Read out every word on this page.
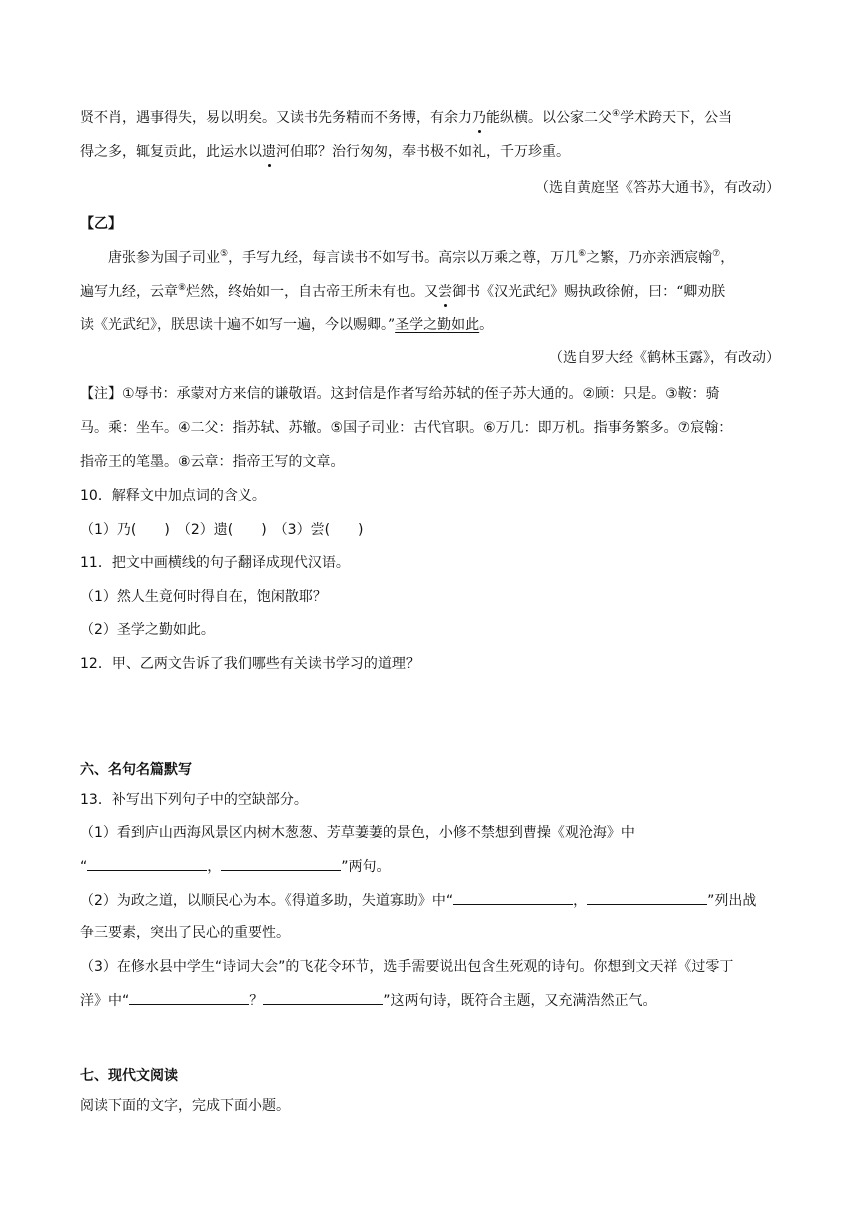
贤不肖，遇事得失，易以明矣。又读书先务精而不务博，有余力乃能纵横。以公家二父④学术跨天下，公当
得之多，辄复贡此，此运水以遗河伯耶？治行匆匆，奉书极不如礼，千万珍重。
（选自黄庭坚《答苏大通书》，有改动）
【乙】
唐张参为国子司业⑤，手写九经，每言读书不如写书。高宗以万乘之尊，万几⑥之繁，乃亦亲洒宸翰⑦，
遍写九经，云章⑧烂然，终始如一，自古帝王所未有也。又尝御书《汉光武纪》赐执政徐俯，曰：“卿劝朕
读《光武纪》，朕思读十遍不如写一遍，今以赐卿。”圣学之勤如此。
（选自罗大经《鹤林玉露》，有改动）
【注】①辱书：承蒙对方来信的谦敬语。这封信是作者写给苏轼的侄子苏大通的。②顾：只是。③鞍：骑
马。乘：坐车。④二父：指苏轼、苏辙。⑤国子司业：古代官职。⑥万几：即万机。指事务繁多。⑦宸翰：
指帝王的笔墨。⑧云章：指帝王写的文章。
10．解释文中加点词的含义。
（1）乃(　　)　（2）遗(　　)　（3）尝(　　)
11．把文中画横线的句子翻译成现代汉语。
（1）然人生竟何时得自在，饱闲散耶？
（2）圣学之勤如此。
12．甲、乙两文告诉了我们哪些有关读书学习的道理？
六、名句名篇默写
13．补写出下列句子中的空缺部分。
（1）看到庐山西海风景区内树木葱葱、芳草萋萋的景色，小修不禁想到曹操《观沧海》中
“	，	”两句。
（2）为政之道，以顺民心为本。《得道多助，失道寡助》中“	，	”列出战
争三要素，突出了民心的重要性。
（3）在修水县中学生“诗词大会”的飞花令环节，选手需要说出包含生死观的诗句。你想到文天祥《过零丁
洋》中“	？	”这两句诗，既符合主题，又充满浩然正气。
七、现代文阅读
阅读下面的文字，完成下面小题。
